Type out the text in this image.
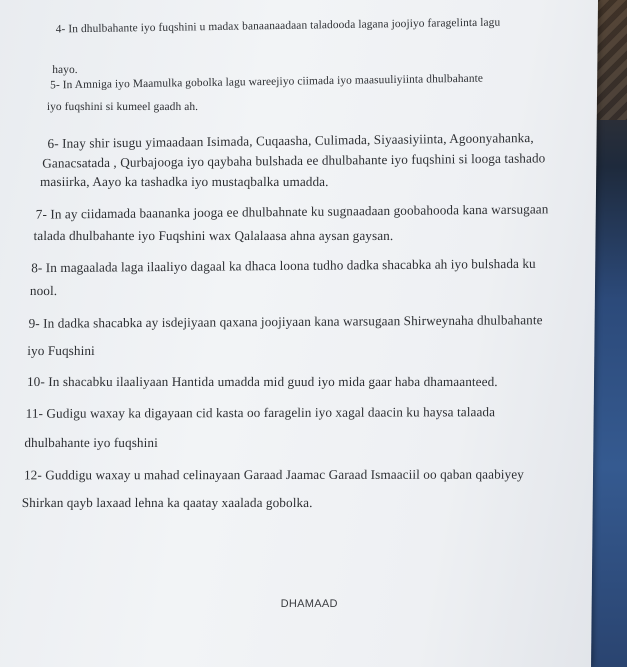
4- In dhulbahante iyo fuqshini u madax banaanaadaan taladooda lagana joojiyo faragelinta lagu
hayo.
5- In Amniga iyo Maamulka gobolka lagu wareejiyo ciimada iyo maasuuliyiinta dhulbahante
iyo fuqshini si kumeel gaadh ah.
6- Inay shir isugu yimaadaan Isimada, Cuqaasha, Culimada, Siyaasiyiinta, Agoonyahanka,
Ganacsatada , Qurbajooga iyo qaybaha bulshada ee dhulbahante iyo fuqshini si looga tashado
masiirka, Aayo ka tashadka iyo mustaqbalka umadda.
7- In ay ciidamada baananka jooga ee dhulbahnate ku sugnaadaan goobahooda kana warsugaan
talada dhulbahante iyo Fuqshini wax Qalalaasa ahna aysan gaysan.
8- In magaalada laga ilaaliyo dagaal ka dhaca loona tudho dadka shacabka ah iyo bulshada ku
nool.
9- In dadka shacabka ay isdejiyaan qaxana joojiyaan kana warsugaan Shirweynaha dhulbahante
iyo Fuqshini
10- In shacabku ilaaliyaan Hantida umadda mid guud iyo mida gaar haba dhamaanteed.
11- Gudigu waxay ka digayaan cid kasta oo faragelin iyo xagal daacin ku haysa talaada
dhulbahante iyo fuqshini
12- Guddigu waxay u mahad celinayaan Garaad Jaamac Garaad Ismaaciil oo qaban qaabiyey
Shirkan qayb laxaad lehna ka qaatay xaalada gobolka.
DHAMAAD
